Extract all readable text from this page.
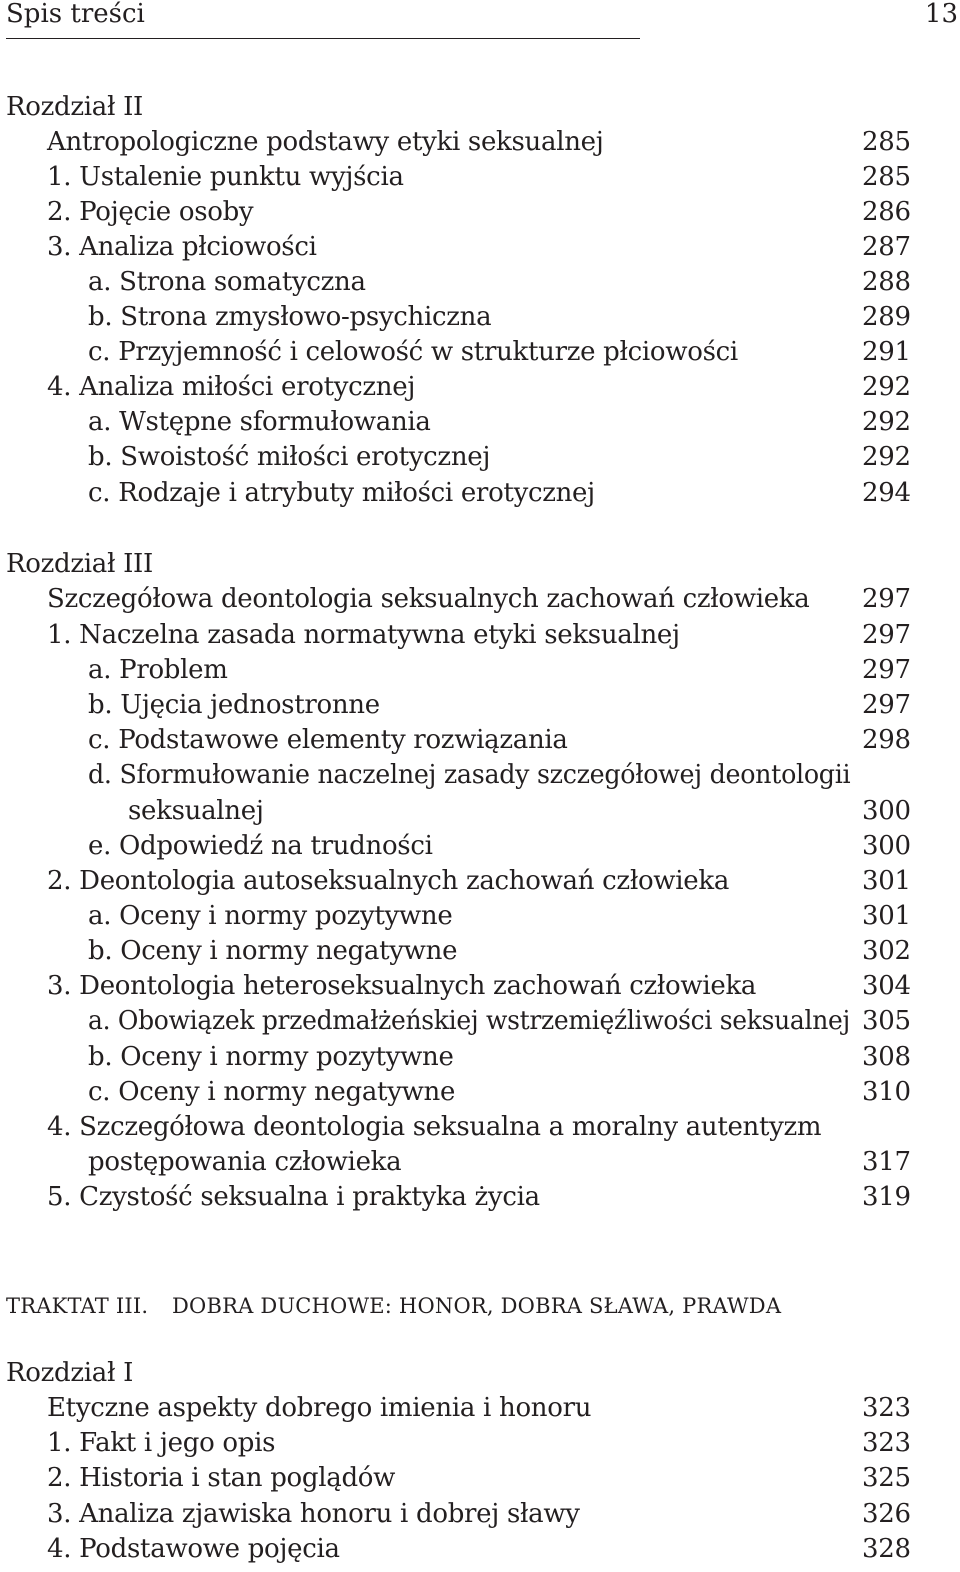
Spis treści	13
Rozdział II
Antropologiczne podstawy etyki seksualnej	285
1. Ustalenie punktu wyjścia	285
2. Pojęcie osoby	286
3. Analiza płciowości	287
a. Strona somatyczna	288
b. Strona zmysłowo-psychiczna	289
c. Przyjemność i celowość w strukturze płciowości	291
4. Analiza miłości erotycznej	292
a. Wstępne sformułowania	292
b. Swoistość miłości erotycznej	292
c. Rodzaje i atrybuty miłości erotycznej	294
Rozdział III
Szczegółowa deontologia seksualnych zachowań człowieka 297
1. Naczelna zasada normatywna etyki seksualnej	297
a. Problem	297
b. Ujęcia jednostronne	297
c. Podstawowe elementy rozwiązania	298
d. Sformułowanie naczelnej zasady szczegółowej deontologii
seksualnej	300
e. Odpowiedź na trudności	300
2. Deontologia autoseksualnych zachowań człowieka	301
a. Oceny i normy pozytywne	301
b. Oceny i normy negatywne	302
3. Deontologia heteroseksualnych zachowań człowieka	304
a. Obowiązek przedmałżeńskiej wstrzemięźliwości seksualnej 305
b. Oceny i normy pozytywne	308
c. Oceny i normy negatywne	310
4. Szczegółowa deontologia seksualna a moralny autentyzm
postępowania człowieka	317
5. Czystość seksualna i praktyka życia	319
Rozdział I
Etyczne aspekty dobrego imienia i honoru	323
1. Fakt i jego opis	323
2. Historia i stan poglądów	325
3. Analiza zjawiska honoru i dobrej sławy	326
4. Podstawowe pojęcia	328
TRAKTAT III. DOBRA DUCHOWE: HONOR, DOBRA SŁAWA, PRAWDA
